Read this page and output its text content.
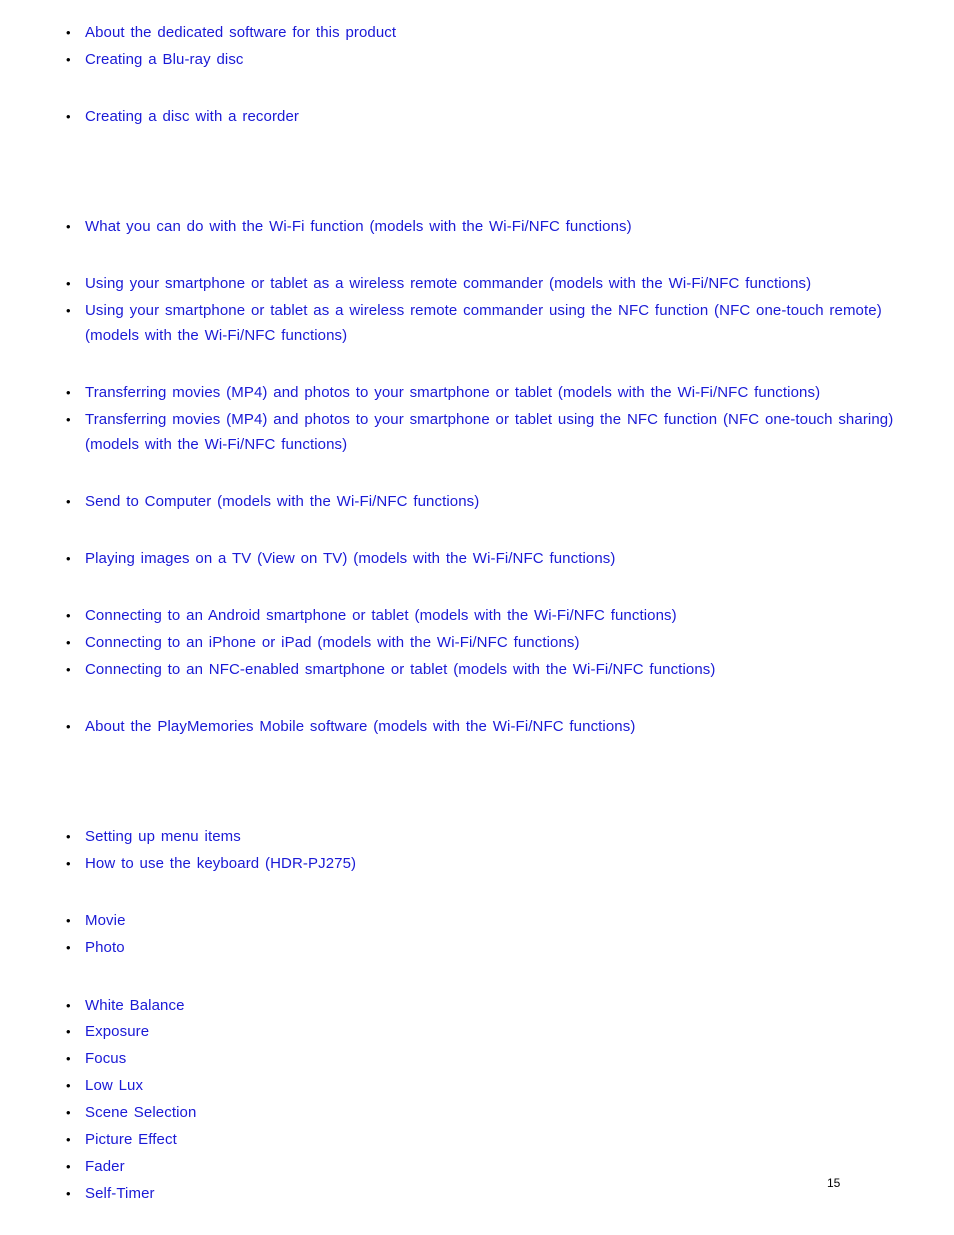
•
About the dedicated software for this product
•
Creating a Blu-ray disc
•
Creating a disc with a recorder
•
What you can do with the Wi-Fi function (models with the Wi-Fi/NFC functions)
•
Using your smartphone or tablet as a wireless remote commander (models with the Wi-Fi/NFC functions)
•
Using your smartphone or tablet as a wireless remote commander using the NFC function (NFC one-touch remote) (models with the Wi-Fi/NFC functions)
•
Transferring movies (MP4) and photos to your smartphone or tablet (models with the Wi-Fi/NFC functions)
•
Transferring movies (MP4) and photos to your smartphone or tablet using the NFC function (NFC one-touch sharing) (models with the Wi-Fi/NFC functions)
•
Send to Computer (models with the Wi-Fi/NFC functions)
•
Playing images on a TV (View on TV) (models with the Wi-Fi/NFC functions)
•
Connecting to an Android smartphone or tablet (models with the Wi-Fi/NFC functions)
•
Connecting to an iPhone or iPad (models with the Wi-Fi/NFC functions)
•
Connecting to an NFC-enabled smartphone or tablet (models with the Wi-Fi/NFC functions)
•
About the PlayMemories Mobile software (models with the Wi-Fi/NFC functions)
•
Setting up menu items
•
How to use the keyboard (HDR-PJ275)
•
Movie
•
Photo
•
White Balance
•
Exposure
•
Focus
•
Low Lux
•
Scene Selection
•
Picture Effect
•
Fader
•
Self-Timer
15
